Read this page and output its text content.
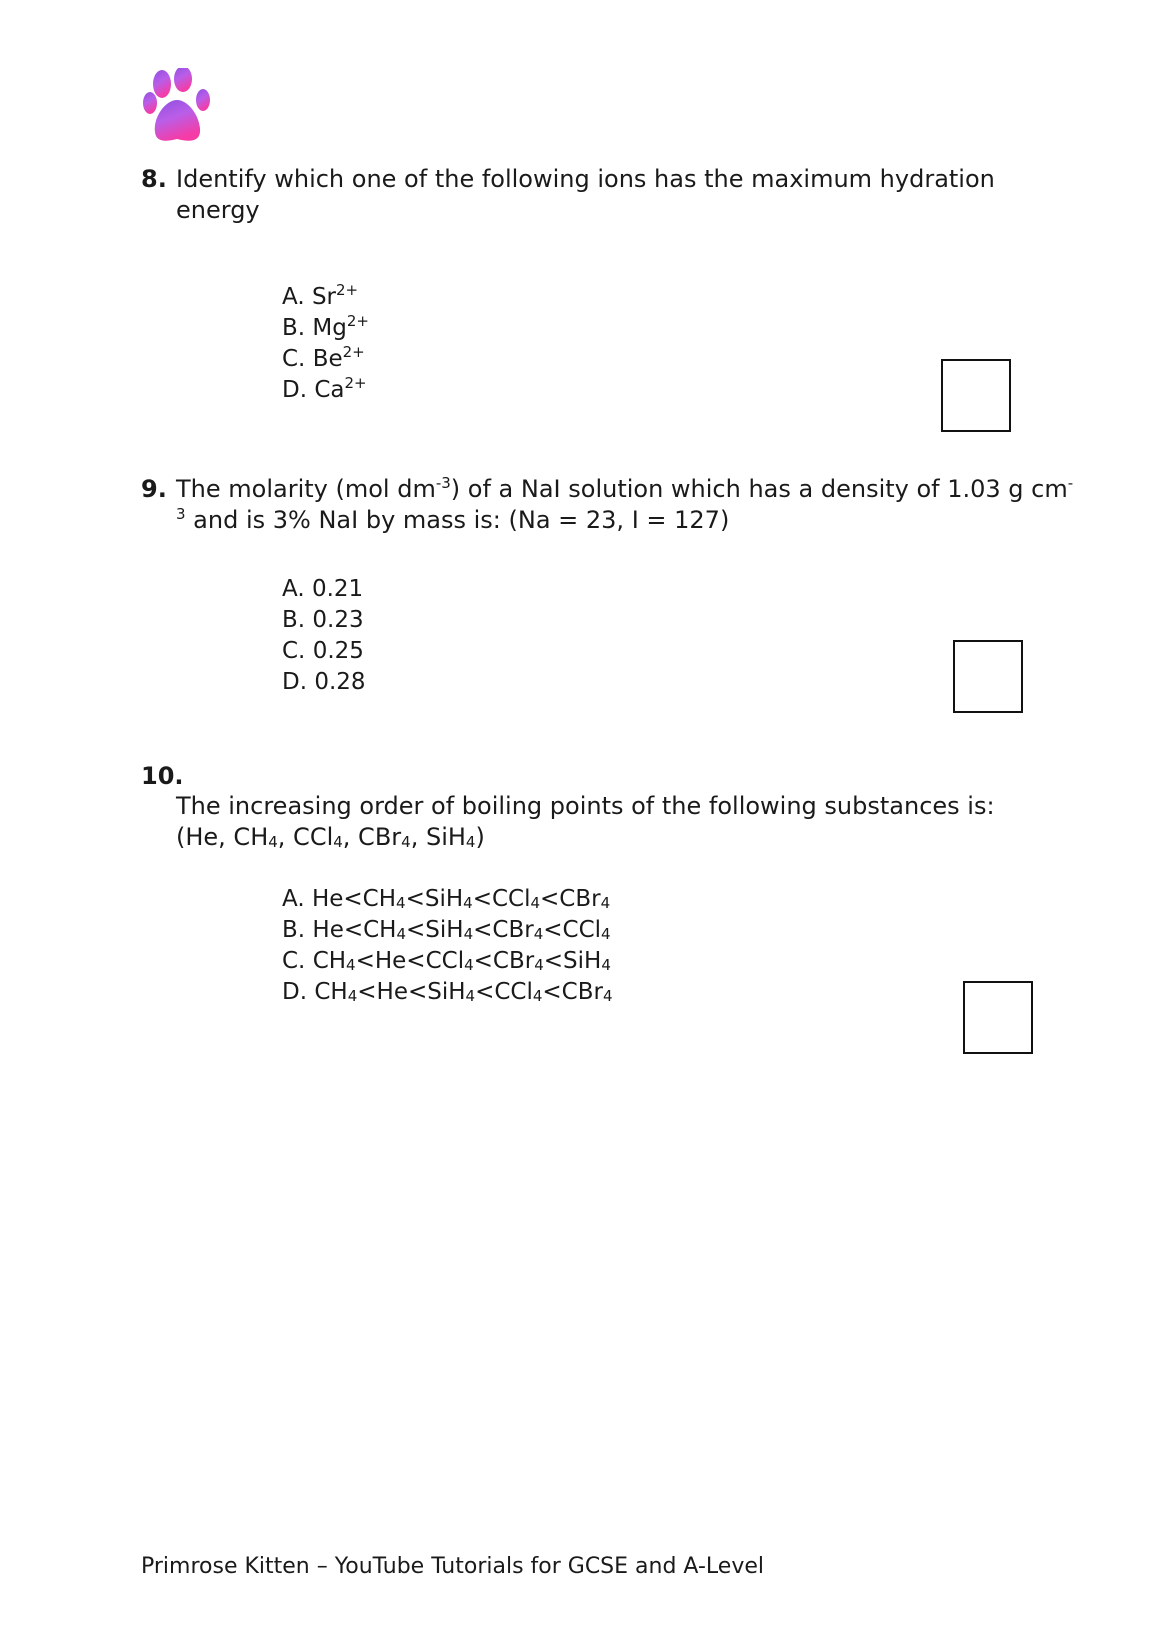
8. Identify which one of the following ions has the maximum hydration energy
A. $Sr^{2+}$
B. $Mg^{2+}$
C. $Be^{2+}$
D. $Ca^{2+}$
9. The molarity (mol $dm^{-3}$) of a NaI solution which has a density of 1.03 g $cm^{-3}$ and is 3% NaI by mass is: (Na = 23, I = 127)
A. 0.21
B. 0.23
C. 0.25
D. 0.28
10.
The increasing order of boiling points of the following substances is:
(He, $CH_4$, CCl$_4$, CBr$_4$, SiH$_4$)
A. $He<CH_4<SiH_4<CCl_4<CBr_4$
B. $He<CH_4<SiH_4<CBr_4<CCl_4$
C. $CH_4<He<CCl_4<CBr_4<SiH_4$
D. $CH_4<He<SiH_4<CCl_4<CBr_4$
Primrose Kitten – YouTube Tutorials for GCSE and A-Level
